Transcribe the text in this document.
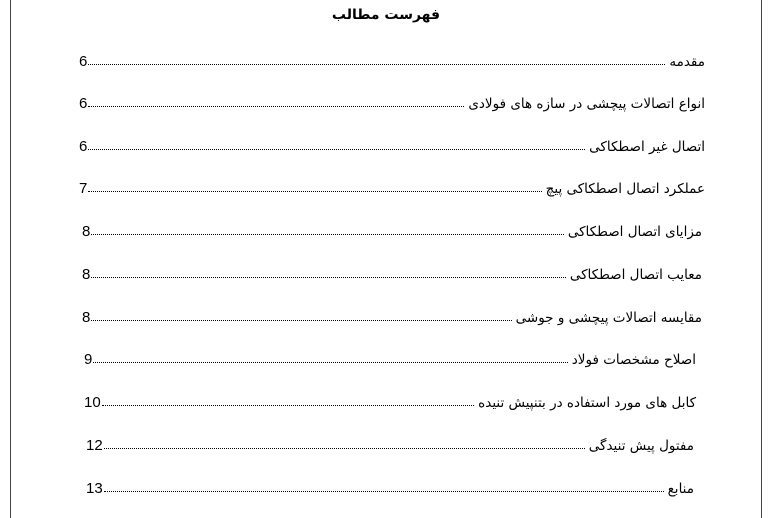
فهرست مطالب
مقدمه
6
انواع اتصالات پیچشی در سازه های فولادی
6
اتصال غیر اصطکاکی
6
عملکرد اتصال اصطکاکی پیچ
7
مزایای اتصال اصطکاکی
8
معایب اتصال اصطکاکی
8
مقایسه اتصالات پیچشی و جوشی
8
اصلاح مشخصات فولاد
9
کابل های مورد استفاده در بتنپیش تنیده
10
مفتول پیش تنیدگی
12
منابع
13
